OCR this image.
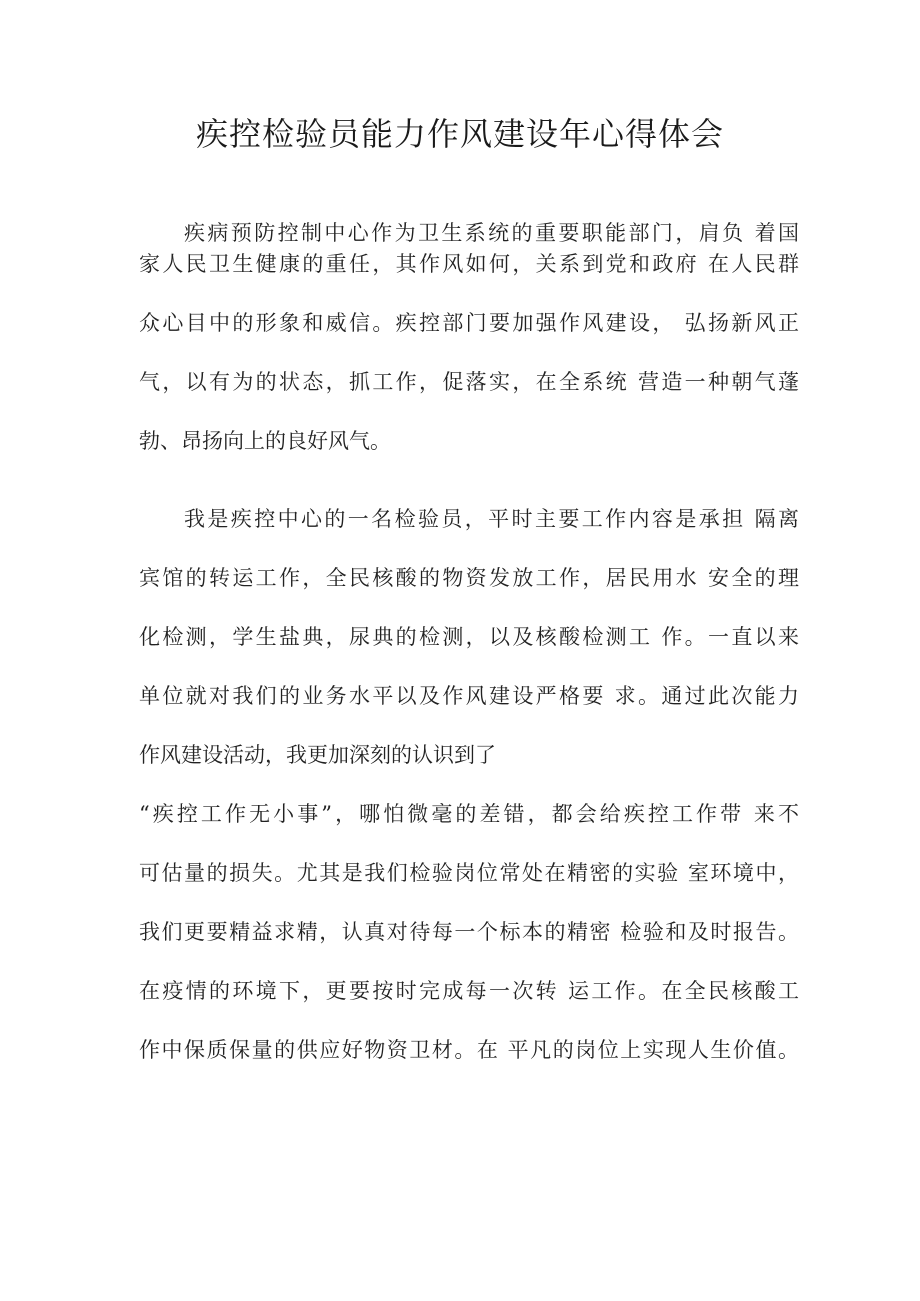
疾控检验员能力作风建设年心得体会
疾病预防控制中心作为卫生系统的重要职能部门，肩负 着国
家人民卫生健康的重任，其作风如何，关系到党和政府 在人民群
众心目中的形象和威信。疾控部门要加强作风建设， 弘扬新风正
气，以有为的状态，抓工作，促落实，在全系统 营造一种朝气蓬
勃、昂扬向上的良好风气。
我是疾控中心的一名检验员，平时主要工作内容是承担 隔离
宾馆的转运工作，全民核酸的物资发放工作，居民用水 安全的理
化检测，学生盐典，尿典的检测，以及核酸检测工 作。一直以来
单位就对我们的业务水平以及作风建设严格要 求。通过此次能力
作风建设活动，我更加深刻的认识到了
“疾控工作无小事”，哪怕微毫的差错，都会给疾控工作带 来不
可估量的损失。尤其是我们检验岗位常处在精密的实验 室环境中，
我们更要精益求精，认真对待每一个标本的精密 检验和及时报告。
在疫情的环境下，更要按时完成每一次转 运工作。在全民核酸工
作中保质保量的供应好物资卫材。在 平凡的岗位上实现人生价值。
